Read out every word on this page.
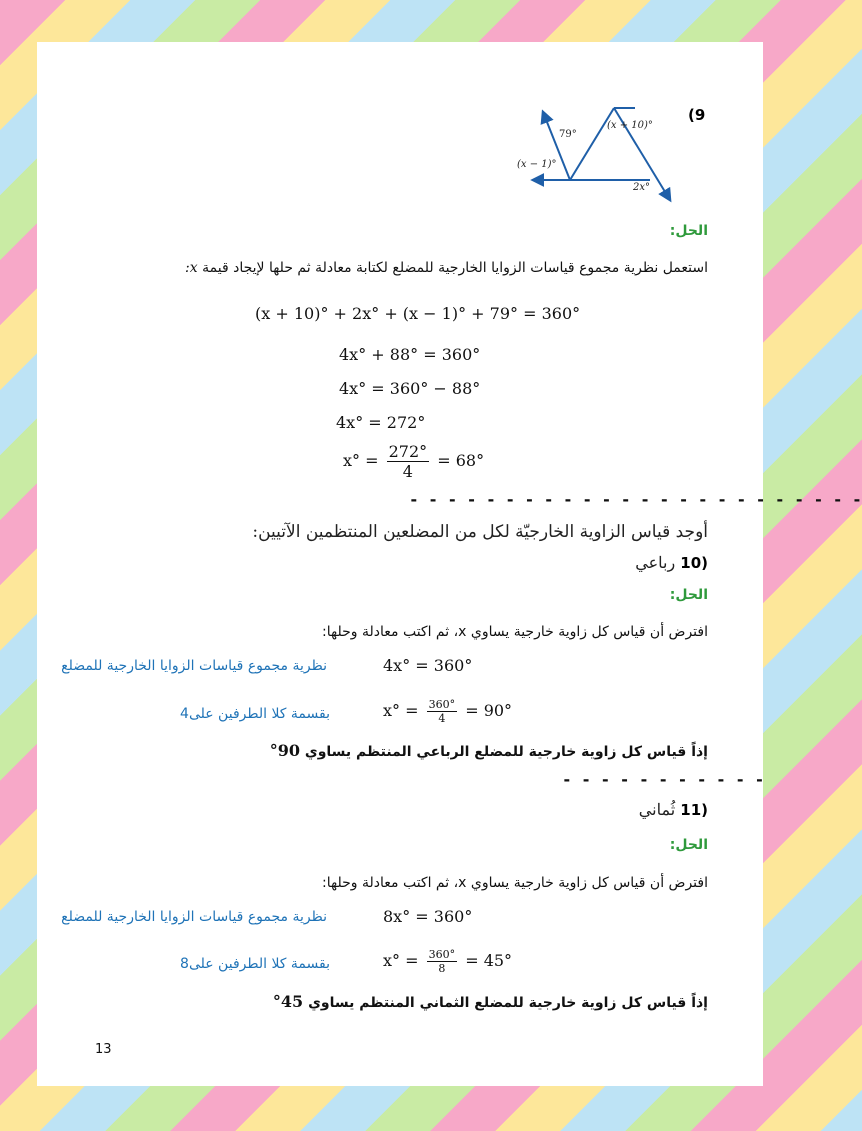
(9
79°
(x + 10)°
(x − 1)°
2x°
الحل:
استعمل نظرية مجموع قياسات الزوايا الخارجية للمضلع لكتابة معادلة ثم حلها لإيجاد قيمة x:
(x + 10)° + 2x° + (x − 1)° + 79° = 360°
4x° + 88° = 360°
4x° = 360° − 88°
4x° = 272°
$x^\circ = \frac{272^\circ}{4} = 68^\circ$
- - - - - - - - - - - - - - - - - - - - - - - -
أوجد قياس الزاوية الخارجيّة لكل من المضلعين المنتظمين الآتيين:
10) رباعي
الحل:
افترض أن قياس كل زاوية خارجية يساوي x، ثم اكتب معادلة وحلها:
4x° = 360°
نظرية مجموع قياسات الزوايا الخارجية للمضلع
$x^\circ = \frac{360^\circ}{4} = 90^\circ$
بقسمة كلا الطرفين على4
إذاً قياس كل زاوية خارجية للمضلع الرباعي المنتظم يساوي 90°
- - - - - - - - - - -
11) ثُماني
الحل:
افترض أن قياس كل زاوية خارجية يساوي x، ثم اكتب معادلة وحلها:
8x° = 360°
نظرية مجموع قياسات الزوايا الخارجية للمضلع
$x^\circ = \frac{360^\circ}{8} = 45^\circ$
بقسمة كلا الطرفين على8
إذاً قياس كل زاوية خارجية للمضلع الثماني المنتظم يساوي 45°
13
